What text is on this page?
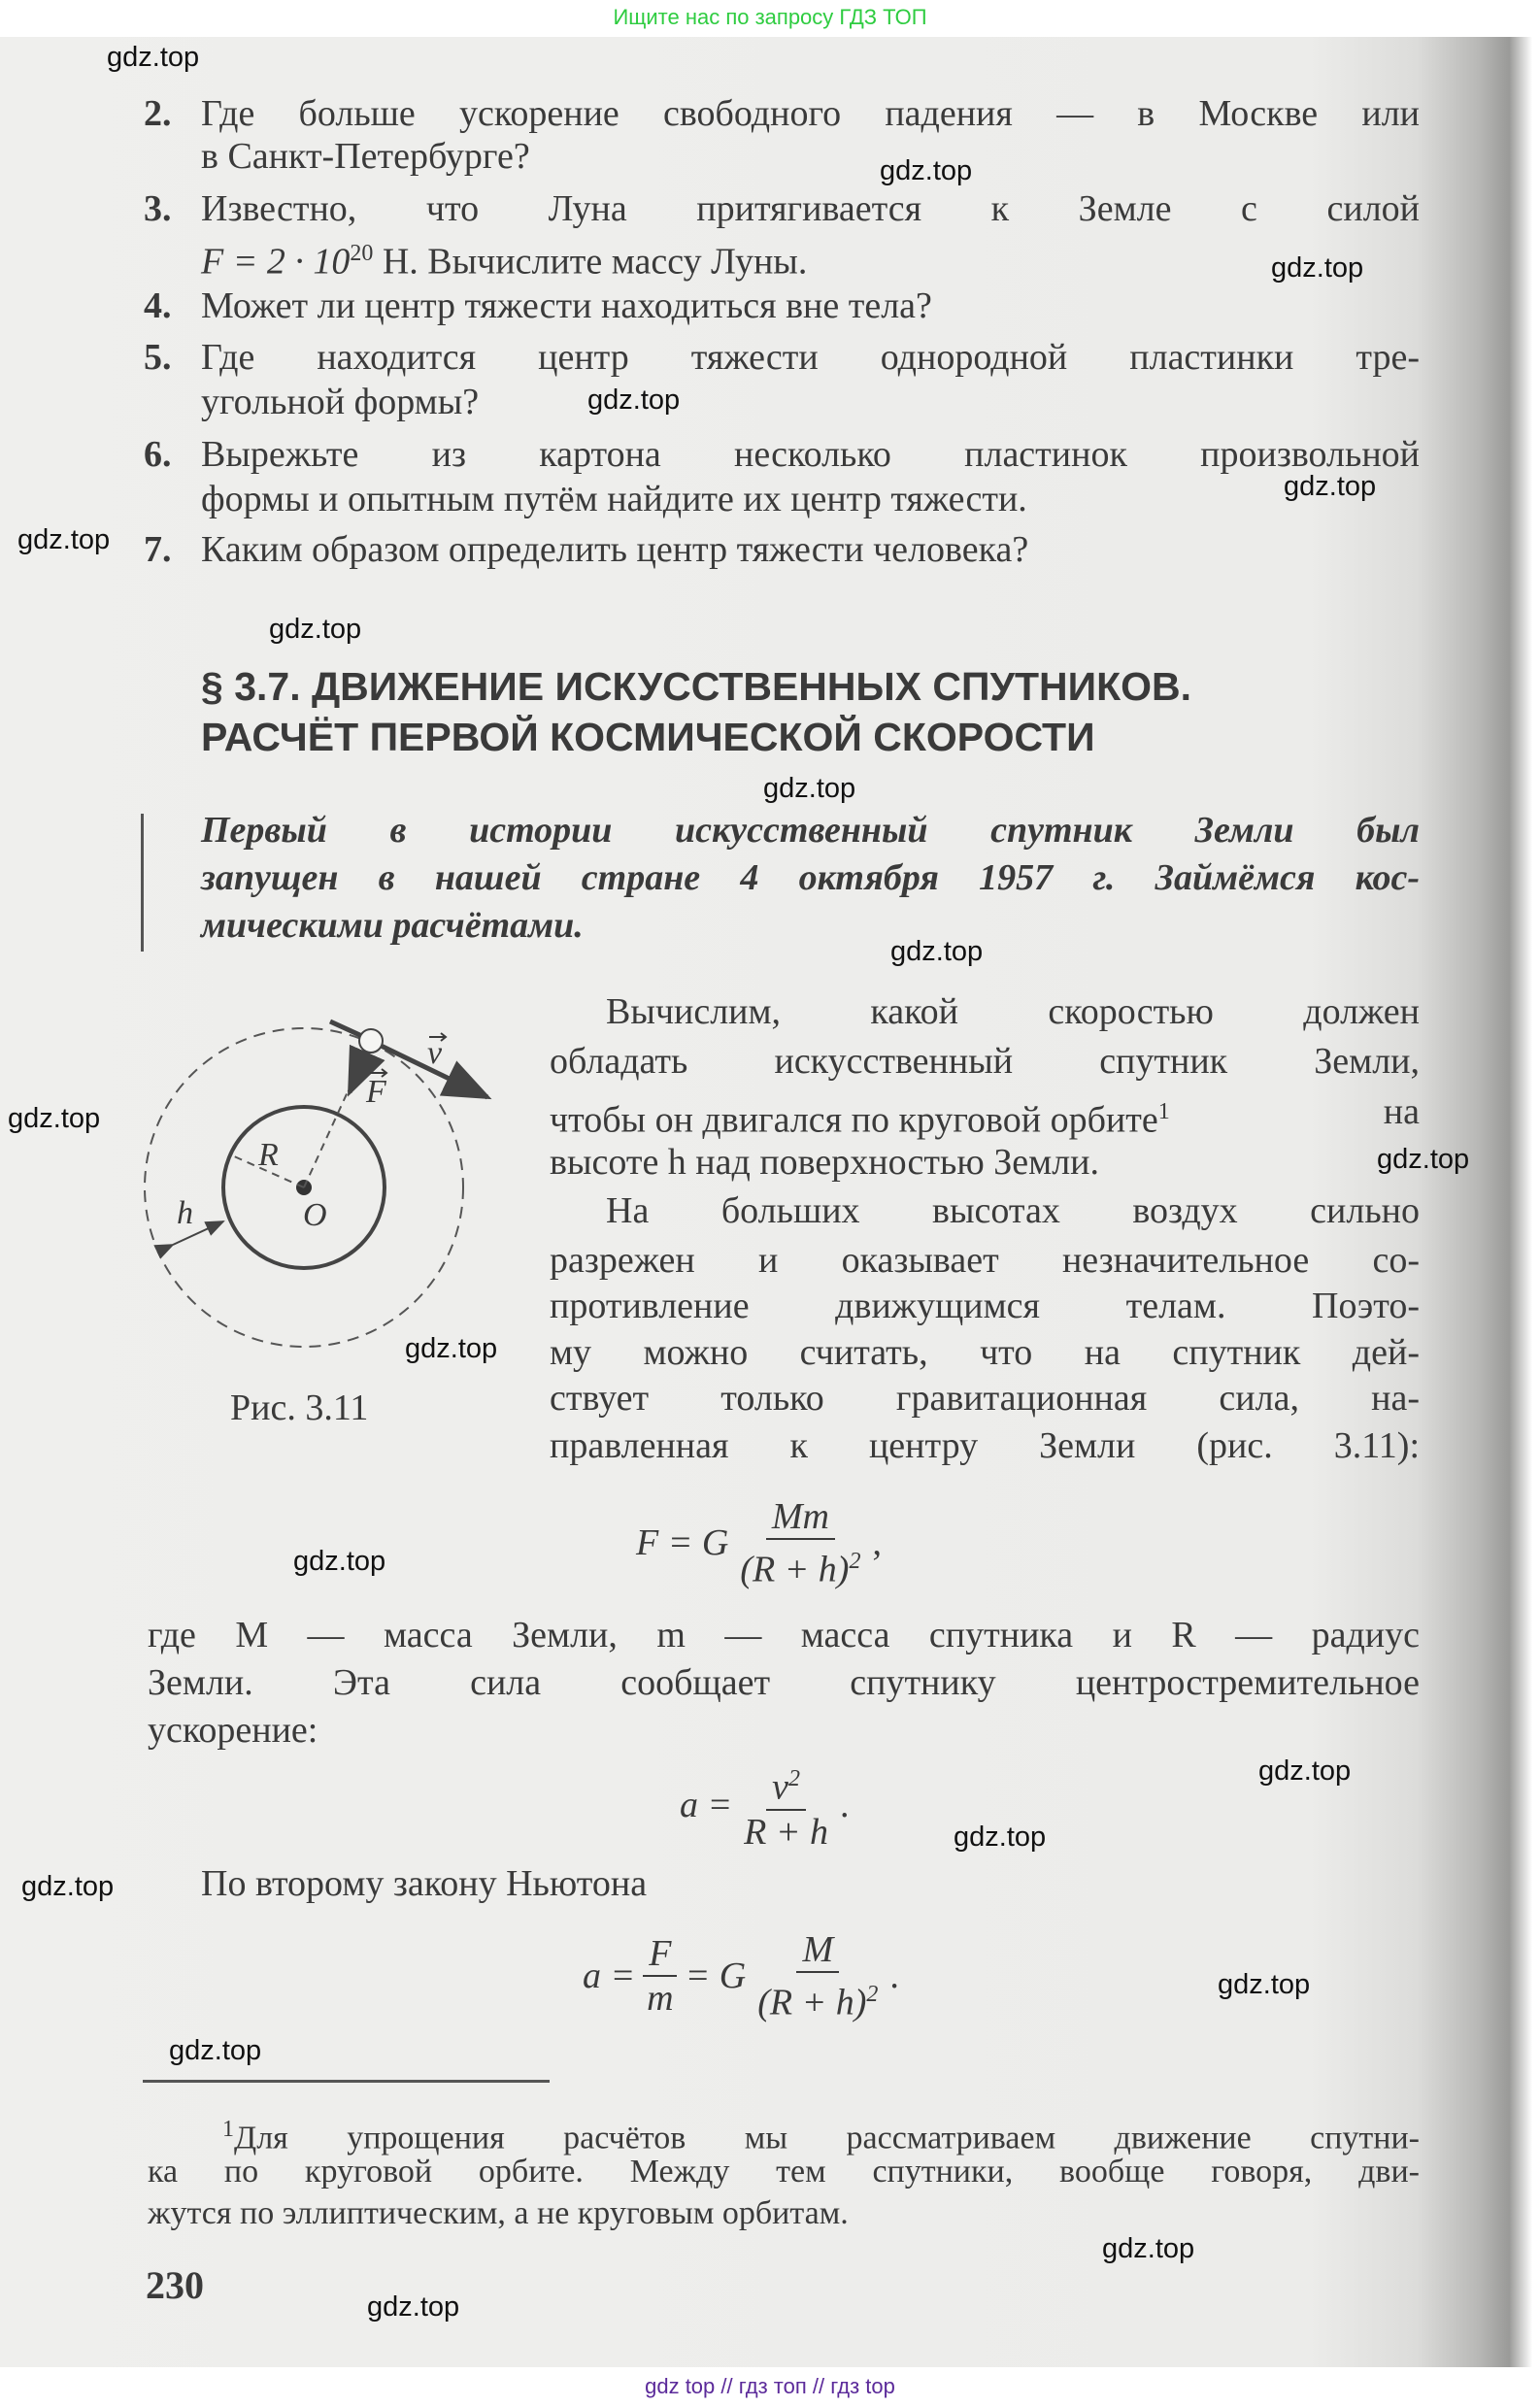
Ищите нас по запросу ГДЗ ТОП
2. Где больше ускорение свободного падения — в Москве или
в Санкт-Петербурге?
3. Известно, что Луна притягивается к Земле с силой
$F = 2 \cdot 10^{20}$ Н. Вычислите массу Луны.
4. Может ли центр тяжести находиться вне тела?
5. Где находится центр тяжести однородной пластинки тре-
угольной формы?
6. Вырежьте из картона несколько пластинок произвольной
формы и опытным путём найдите их центр тяжести.
7. Каким образом определить центр тяжести человека?
§ 3.7. ДВИЖЕНИЕ ИСКУССТВЕННЫХ СПУТНИКОВ.
РАСЧЁТ ПЕРВОЙ КОСМИЧЕСКОЙ СКОРОСТИ
Первый в истории искусственный спутник Земли был
запущен в нашей стране 4 октября 1957 г. Займёмся кос-
мическими расчётами.
v
F
R
O
h
Рис. 3.11
Вычислим, какой скоростью должен
обладать искусственный спутник Земли,
чтобы он двигался по круговой орбите$^1$	на
высоте h над поверхностью Земли.
На больших высотах воздух сильно
разрежен и оказывает незначительное со-
противление движущимся телам. Поэто-
му можно считать, что на спутник дей-
ствует только гравитационная сила, на-
правленная к центру Земли (рис. 3.11):
F = G $\frac{Mm}{(R + h)^2}$ ,
где M — масса Земли, m — масса спутника и R — радиус
Земли. Эта сила сообщает спутнику центростремительное
ускорение:
$a = \frac{v^2}{R + h}$ .
По второму закону Ньютона
$a = \frac{F}{m} = G \frac{M}{(R + h)^2}$ .
$^1$Для упрощения расчётов мы рассматриваем движение спутни-
ка по круговой орбите. Между тем спутники, вообще говоря, дви-
жутся по эллиптическим, а не круговым орбитам.
230
gdz.top
gdz.top
gdz.top
gdz.top
gdz.top
gdz.top
gdz.top
gdz.top
gdz.top
gdz.top
gdz.top
gdz.top
gdz.top
gdz.top
gdz.top
gdz.top
gdz.top
gdz.top
gdz.top
gdz.top
gdz top // гдз топ // гдз top
